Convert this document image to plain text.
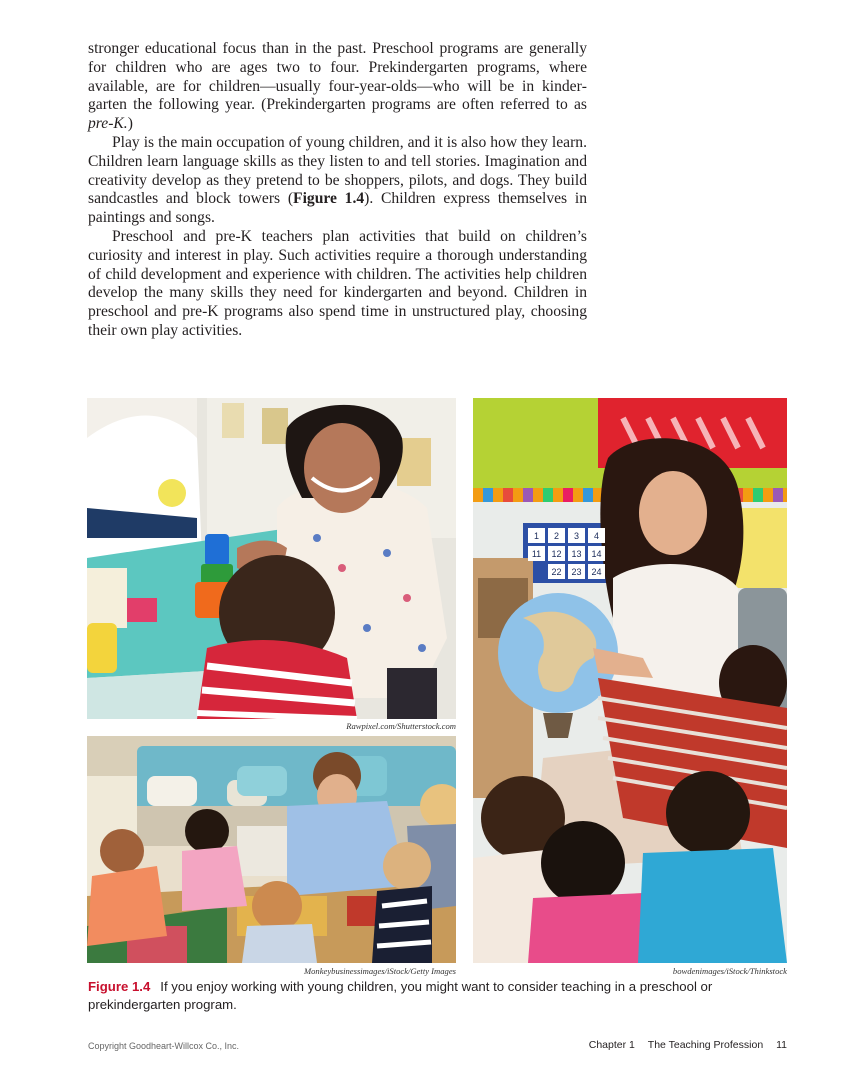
stronger educational focus than in the past. Preschool programs are generally for children who are ages two to four. Prekindergarten programs, where available, are for children—usually four-year-olds—who will be in kindergarten the following year. (Prekindergarten programs are often referred to as pre-K.)

Play is the main occupation of young children, and it is also how they learn. Children learn language skills as they listen to and tell stories. Imagination and creativity develop as they pretend to be shoppers, pilots, and dogs. They build sandcastles and block towers (Figure 1.4). Children express themselves in paintings and songs.

Preschool and pre-K teachers plan activities that build on children’s curiosity and interest in play. Such activities require a thorough understanding of child development and experience with children. The activities help children develop the many skills they need for kindergarten and beyond. Children in preschool and pre-K programs also spend time in unstructured play, choosing their own play activities.

Rawpixel.com/Shutterstock.com
Monkeybusinessimages/iStock/Getty Images
1 2 3 4
11 12 13 14
22 23 24
bowdenimages/iStock/Thinkstock
Figure 1.4 If you enjoy working with young children, you might want to consider teaching in a preschool or prekindergarten program.
Copyright Goodheart-Willcox Co., Inc.	Chapter 1 The Teaching Profession 11
